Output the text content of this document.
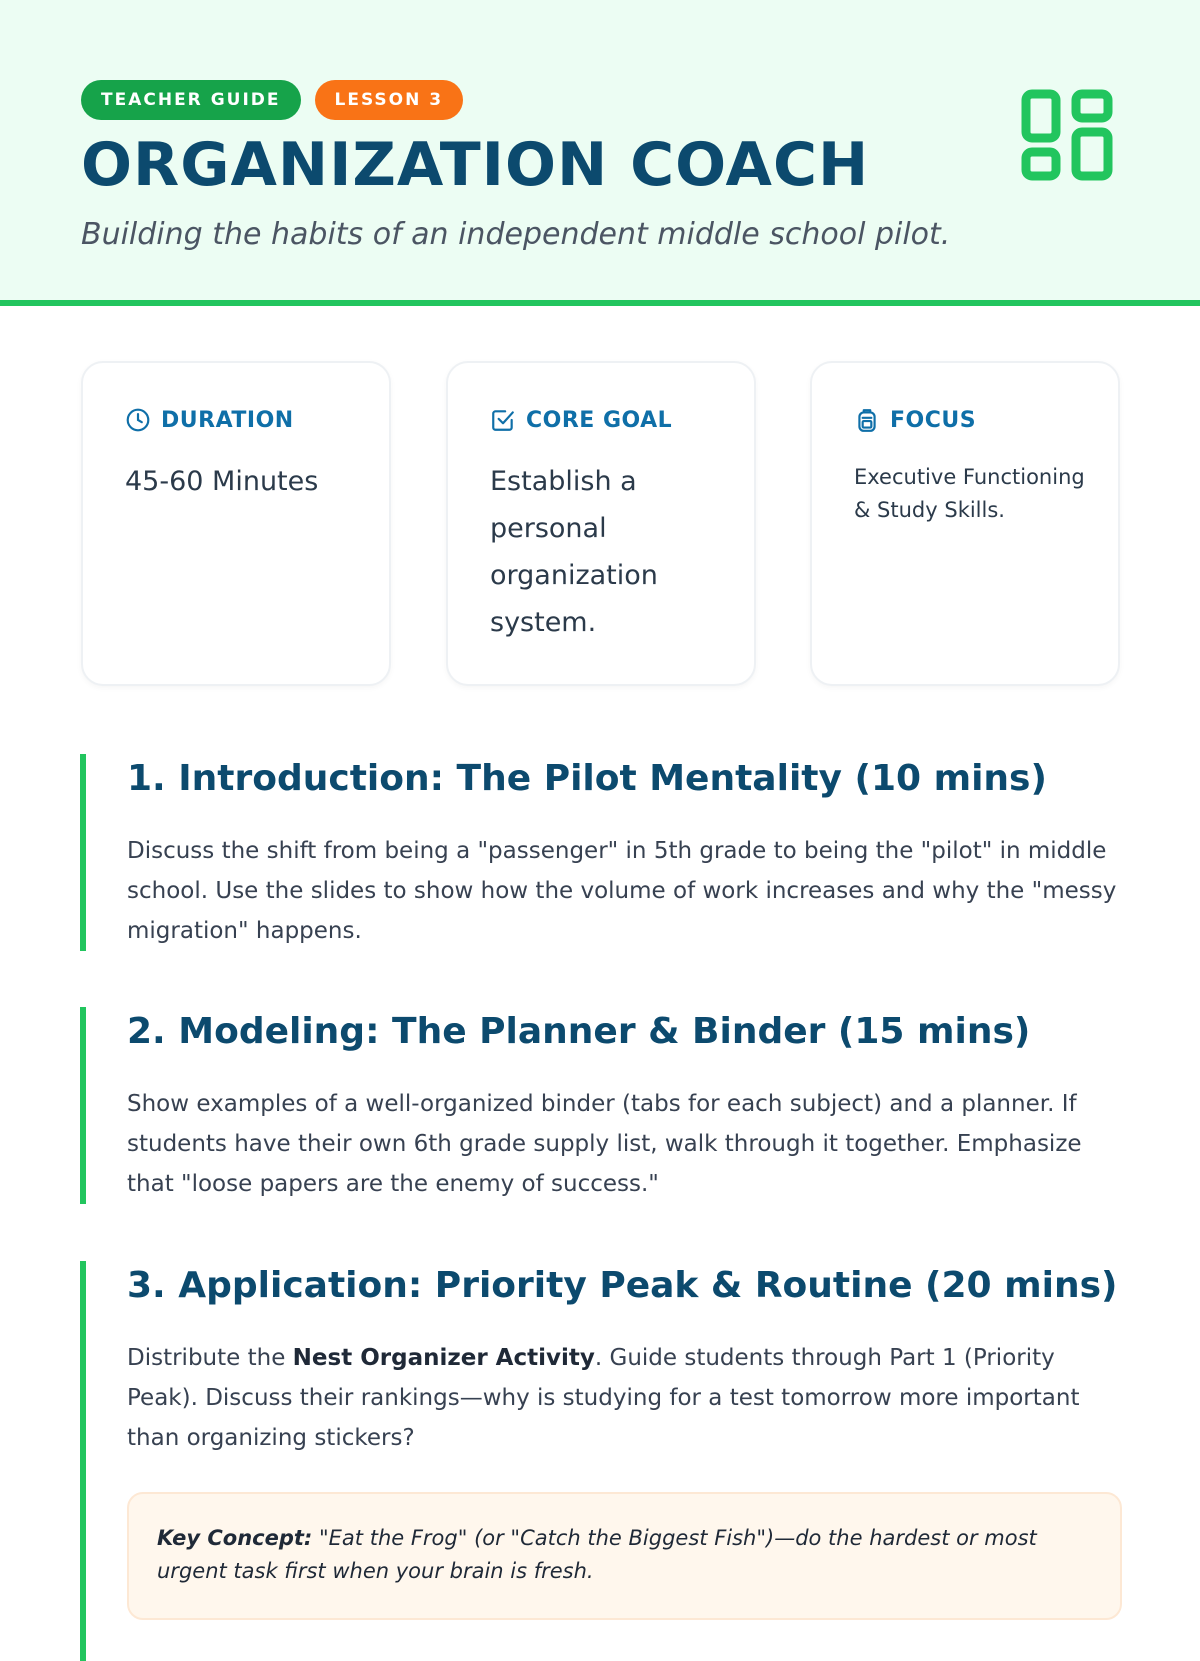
TEACHER GUIDE	LESSON 3
ORGANIZATION COACH
Building the habits of an independent middle school pilot.
DURATION
45-60 Minutes
CORE GOAL
Establish a personal organization system.
FOCUS
Executive Functioning & Study Skills.
1. Introduction: The Pilot Mentality (10 mins)

Discuss the shift from being a "passenger" in 5th grade to being the "pilot" in middle school. Use the slides to show how the volume of work increases and why the "messy migration" happens.

2. Modeling: The Planner & Binder (15 mins)

Show examples of a well-organized binder (tabs for each subject) and a planner. If students have their own 6th grade supply list, walk through it together. Emphasize that "loose papers are the enemy of success."

3. Application: Priority Peak & Routine (20 mins)

Distribute the Nest Organizer Activity. Guide students through Part 1 (Priority Peak). Discuss their rankings—why is studying for a test tomorrow more important than organizing stickers?

Key Concept: "Eat the Frog" (or "Catch the Biggest Fish")—do the hardest or most urgent task first when your brain is fresh.
